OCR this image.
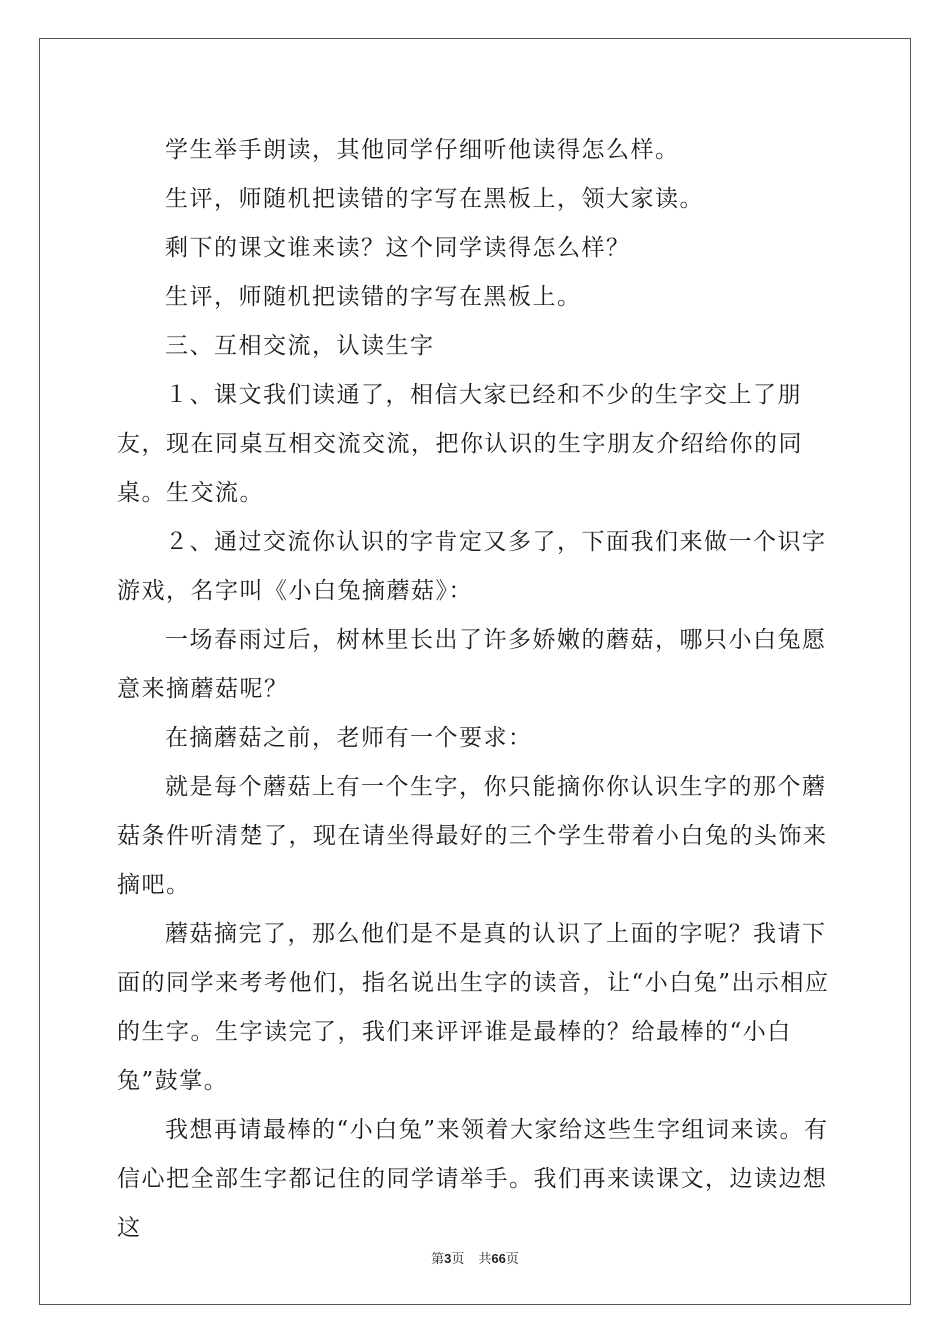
学生举手朗读，其他同学仔细听他读得怎么样。

生评，师随机把读错的字写在黑板上，领大家读。

剩下的课文谁来读？这个同学读得怎么样？

生评，师随机把读错的字写在黑板上。

三、互相交流，认读生字

１、课文我们读通了，相信大家已经和不少的生字交上了朋友，现在同桌互相交流交流，把你认识的生字朋友介绍给你的同桌。生交流。

２、通过交流你认识的字肯定又多了，下面我们来做一个识字游戏，名字叫《小白兔摘蘑菇》：

一场春雨过后，树林里长出了许多娇嫩的蘑菇，哪只小白兔愿意来摘蘑菇呢？

在摘蘑菇之前，老师有一个要求：

就是每个蘑菇上有一个生字，你只能摘你你认识生字的那个蘑菇条件听清楚了，现在请坐得最好的三个学生带着小白兔的头饰来摘吧。

蘑菇摘完了，那么他们是不是真的认识了上面的字呢？我请下面的同学来考考他们，指名说出生字的读音，让“小白兔”出示相应的生字。生字读完了，我们来评评谁是最棒的？给最棒的“小白兔”鼓掌。

我想再请最棒的“小白兔”来领着大家给这些生字组词来读。有信心把全部生字都记住的同学请举手。我们再来读课文，边读边想这

第3页 共66页
